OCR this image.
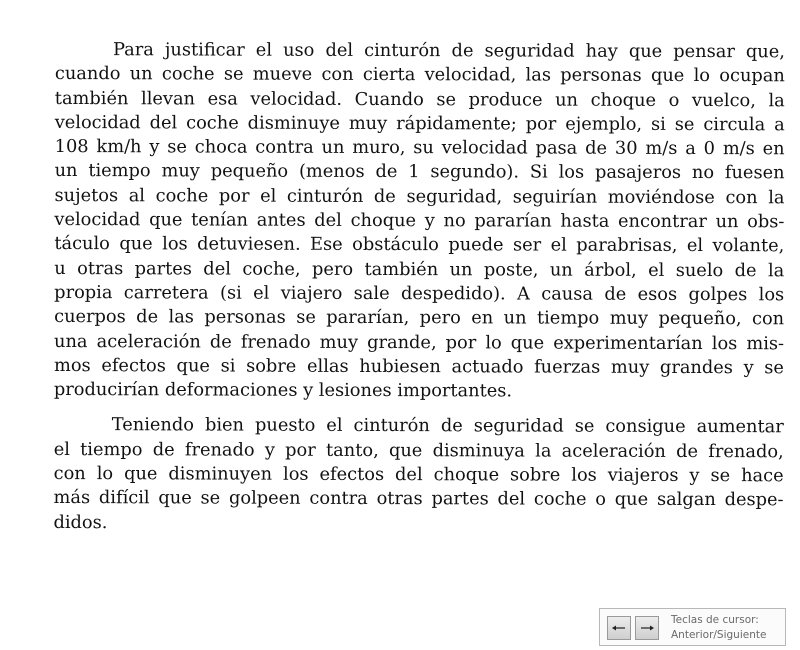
Para justificar el uso del cinturón de seguridad hay que pensar que,
cuando un coche se mueve con cierta velocidad, las personas que lo ocupan
también llevan esa velocidad. Cuando se produce un choque o vuelco, la
velocidad del coche disminuye muy rápidamente; por ejemplo, si se circula a
108 km/h y se choca contra un muro, su velocidad pasa de 30 m/s a 0 m/s en
un tiempo muy pequeño (menos de 1 segundo). Si los pasajeros no fuesen
sujetos al coche por el cinturón de seguridad, seguirían moviéndose con la
velocidad que tenían antes del choque y no pararían hasta encontrar un obs-
táculo que los detuviesen. Ese obstáculo puede ser el parabrisas, el volante,
u otras partes del coche, pero también un poste, un árbol, el suelo de la
propia carretera (si el viajero sale despedido). A causa de esos golpes los
cuerpos de las personas se pararían, pero en un tiempo muy pequeño, con
una aceleración de frenado muy grande, por lo que experimentarían los mis-
mos efectos que si sobre ellas hubiesen actuado fuerzas muy grandes y se
producirían deformaciones y lesiones importantes.

Teniendo bien puesto el cinturón de seguridad se consigue aumentar
el tiempo de frenado y por tanto, que disminuya la aceleración de frenado,
con lo que disminuyen los efectos del choque sobre los viajeros y se hace
más difícil que se golpeen contra otras partes del coche o que salgan despe-
didos.

Teclas de cursor:
Anterior/Siguiente
